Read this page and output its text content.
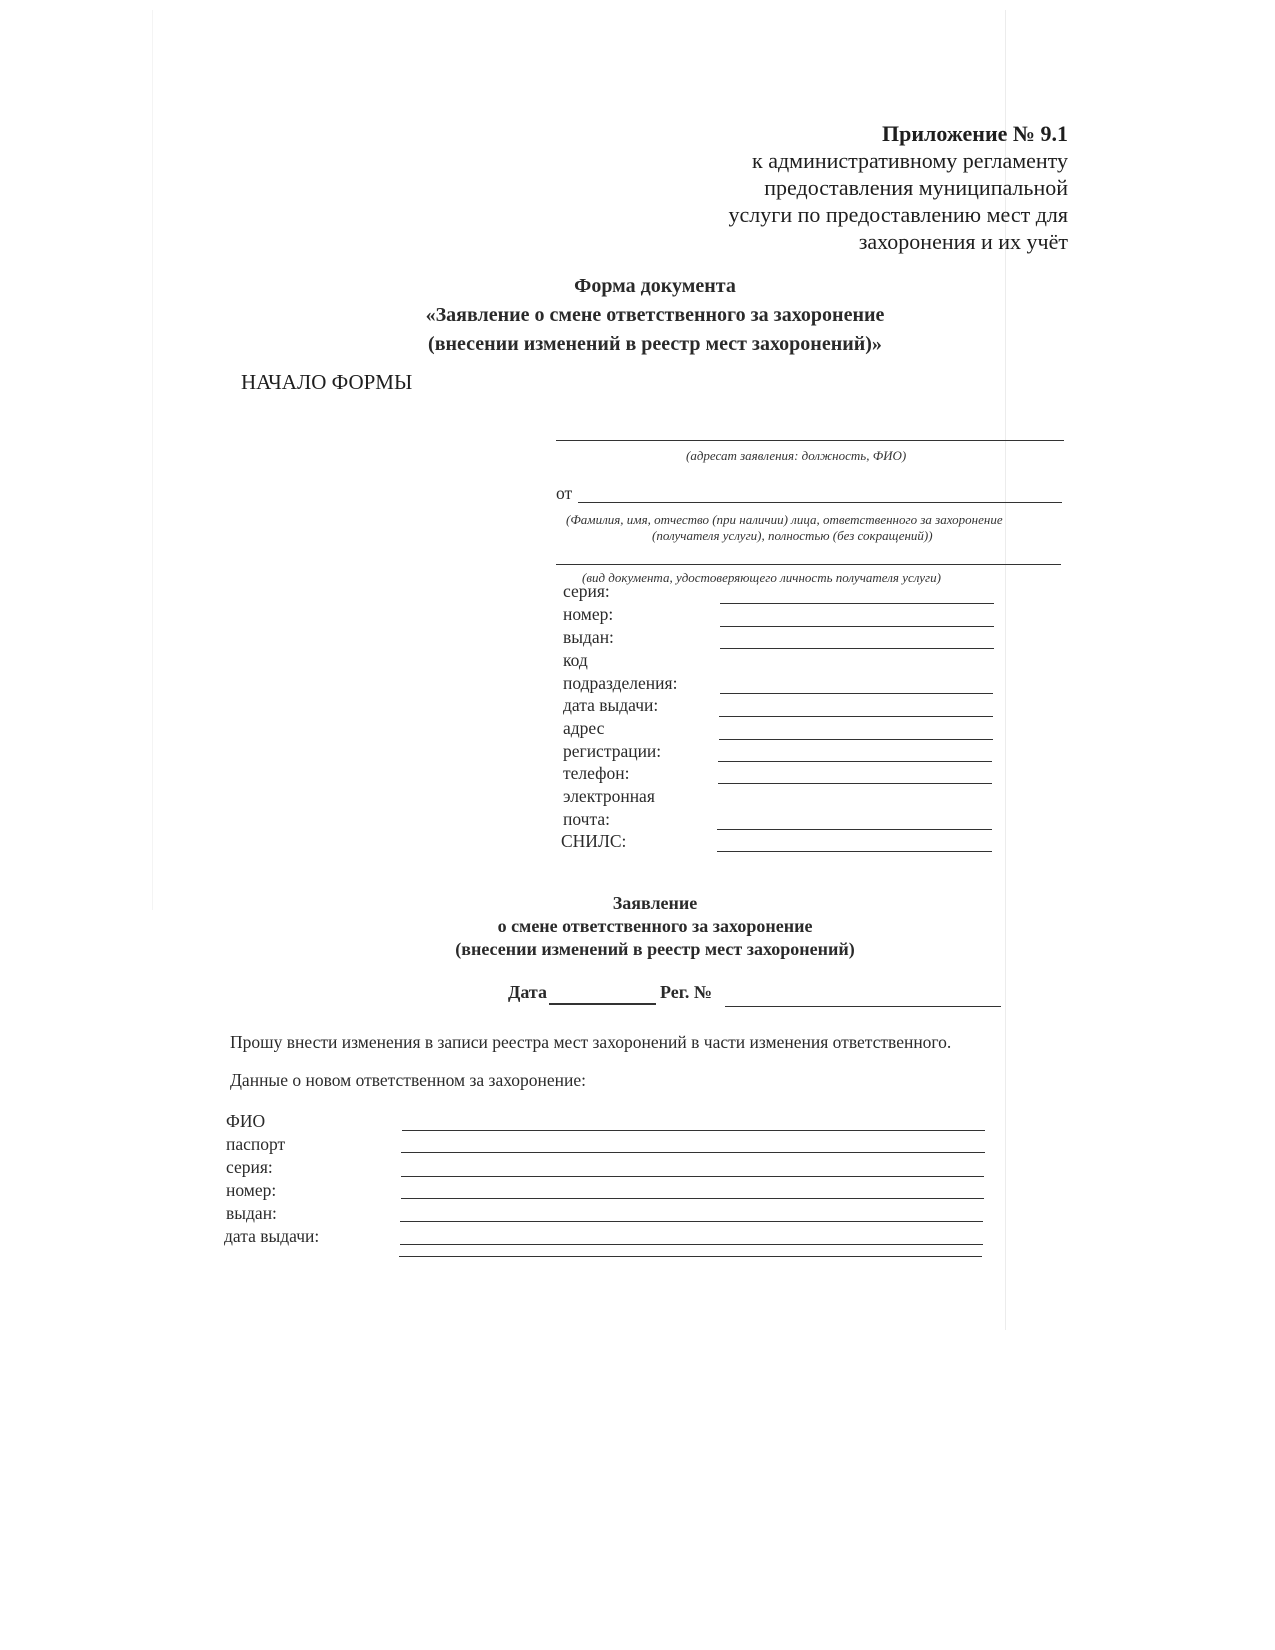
Приложение № 9.1
к административному регламенту
предоставления муниципальной
услуги по предоставлению мест для
захоронения и их учёт
Форма документа
«Заявление о смене ответственного за захоронение
(внесении изменений в реестр мест захоронений)»
НАЧАЛО ФОРМЫ
(адресат заявления: должность, ФИО)
от
(Фамилия, имя, отчество (при наличии) лица, ответственного за захоронение
(получателя услуги), полностью (без сокращений))
(вид документа, удостоверяющего личность получателя услуги)
серия:
номер:
выдан:
код
подразделения:
дата выдачи:
адрес
регистрации:
телефон:
электронная
почта:
СНИЛС:
Заявление
о смене ответственного за захоронение
(внесении изменений в реестр мест захоронений)
Дата	Рег. №
Прошу внести изменения в записи реестра мест захоронений в части изменения ответственного.
Данные о новом ответственном за захоронение:
ФИО
паспорт
серия:
номер:
выдан:
дата выдачи:
